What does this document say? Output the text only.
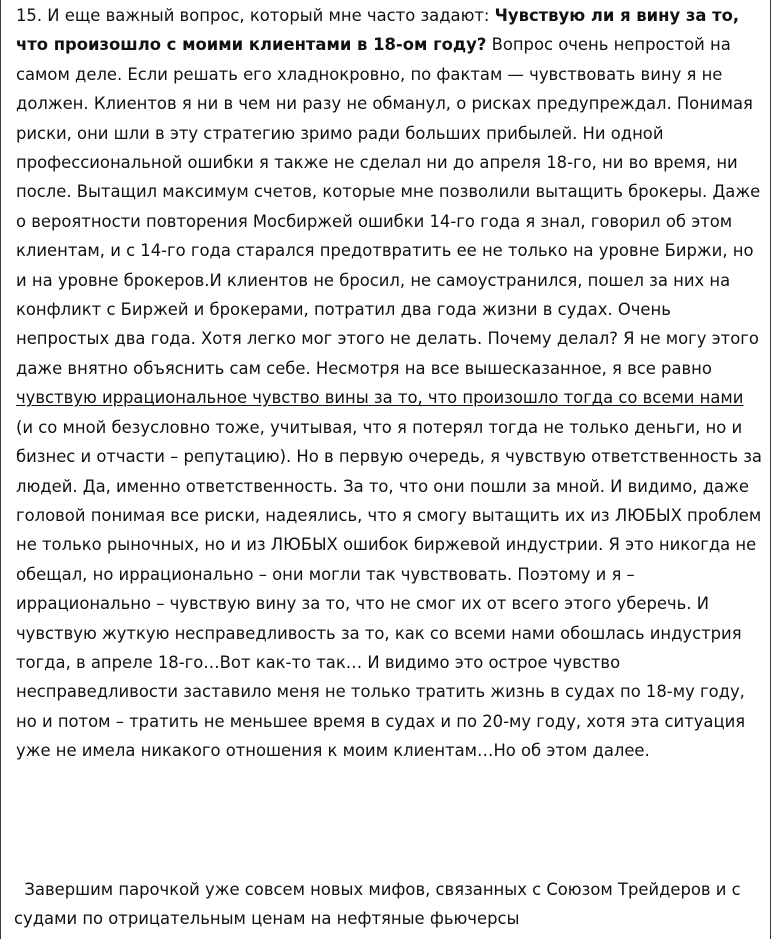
15. И еще важный вопрос, который мне часто задают: Чувствую ли я вину за то, что произошло с моими клиентами в 18-ом году? Вопрос очень непростой на самом деле. Если решать его хладнокровно, по фактам — чувствовать вину я не должен. Клиентов я ни в чем ни разу не обманул, о рисках предупреждал. Понимая риски, они шли в эту стратегию зримо ради больших прибылей. Ни одной профессиональной ошибки я также не сделал ни до апреля 18-го, ни во время, ни после. Вытащил максимум счетов, которые мне позволили вытащить брокеры. Даже о вероятности повторения Мосбиржей ошибки 14-го года я знал, говорил об этом клиентам, и с 14-го года старался предотвратить ее не только на уровне Биржи, но и на уровне брокеров.И клиентов не бросил, не самоустранился, пошел за них на конфликт с Биржей и брокерами, потратил два года жизни в судах. Очень непростых два года. Хотя легко мог этого не делать. Почему делал? Я не могу этого даже внятно объяснить сам себе. Несмотря на все вышесказанное, я все равно чувствую иррациональное чувство вины за то, что произошло тогда со всеми нами (и со мной безусловно тоже, учитывая, что я потерял тогда не только деньги, но и бизнес и отчасти – репутацию). Но в первую очередь, я чувствую ответственность за людей. Да, именно ответственность. За то, что они пошли за мной. И видимо, даже головой понимая все риски, надеялись, что я смогу вытащить их из ЛЮБЫХ проблем не только рыночных, но и из ЛЮБЫХ ошибок биржевой индустрии. Я это никогда не обещал, но иррационально – они могли так чувствовать. Поэтому и я – иррационально – чувствую вину за то, что не смог их от всего этого уберечь. И чувствую жуткую несправедливость за то, как со всеми нами обошлась индустрия тогда, в апреле 18-го…Вот как-то так… И видимо это острое чувство несправедливости заставило меня не только тратить жизнь в судах по 18-му году, но и потом – тратить не меньшее время в судах и по 20-му году, хотя эта ситуация уже не имела никакого отношения к моим клиентам…Но об этом далее.

Завершим парочкой уже совсем новых мифов, связанных с Союзом Трейдеров и с судами по отрицательным ценам на нефтяные фьючерсы
